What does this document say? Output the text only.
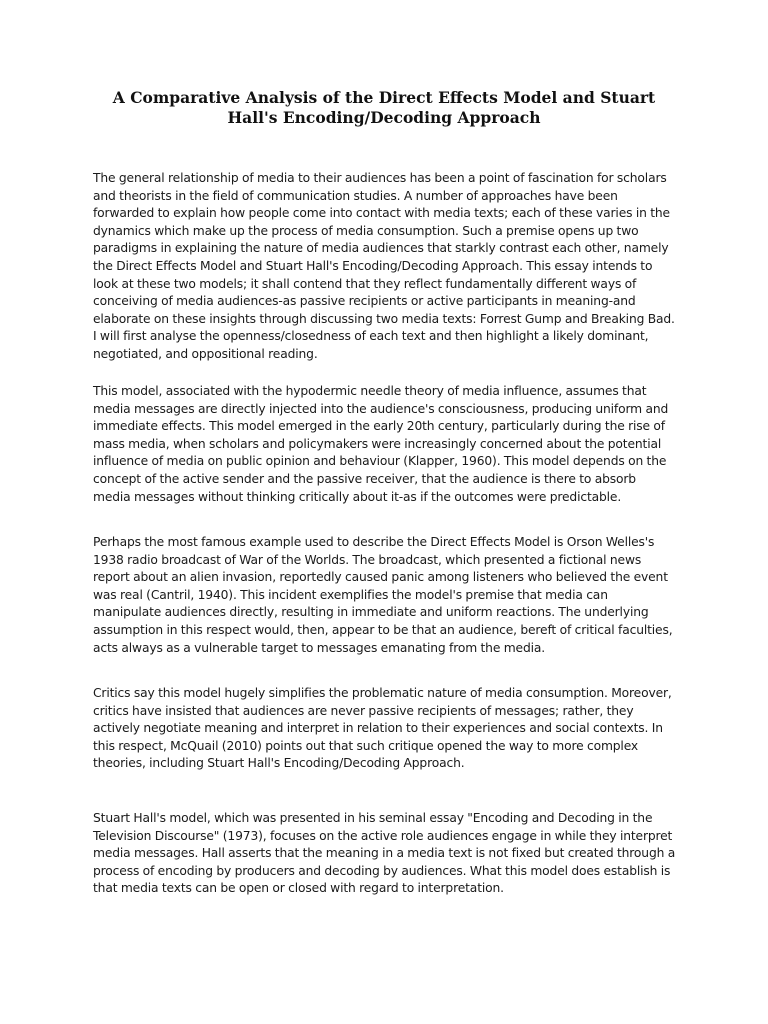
A Comparative Analysis of the Direct Effects Model and Stuart Hall's Encoding/Decoding Approach

The general relationship of media to their audiences has been a point of fascination for scholars and theorists in the field of communication studies. A number of approaches have been forwarded to explain how people come into contact with media texts; each of these varies in the dynamics which make up the process of media consumption. Such a premise opens up two paradigms in explaining the nature of media audiences that starkly contrast each other, namely the Direct Effects Model and Stuart Hall's Encoding/Decoding Approach. This essay intends to look at these two models; it shall contend that they reflect fundamentally different ways of conceiving of media audiences-as passive recipients or active participants in meaning-and elaborate on these insights through discussing two media texts: Forrest Gump and Breaking Bad. I will first analyse the openness/closedness of each text and then highlight a likely dominant, negotiated, and oppositional reading.

This model, associated with the hypodermic needle theory of media influence, assumes that media messages are directly injected into the audience's consciousness, producing uniform and immediate effects. This model emerged in the early 20th century, particularly during the rise of mass media, when scholars and policymakers were increasingly concerned about the potential influence of media on public opinion and behaviour (Klapper, 1960). This model depends on the concept of the active sender and the passive receiver, that the audience is there to absorb media messages without thinking critically about it-as if the outcomes were predictable.

Perhaps the most famous example used to describe the Direct Effects Model is Orson Welles's 1938 radio broadcast of War of the Worlds. The broadcast, which presented a fictional news report about an alien invasion, reportedly caused panic among listeners who believed the event was real (Cantril, 1940). This incident exemplifies the model's premise that media can manipulate audiences directly, resulting in immediate and uniform reactions. The underlying assumption in this respect would, then, appear to be that an audience, bereft of critical faculties, acts always as a vulnerable target to messages emanating from the media.

Critics say this model hugely simplifies the problematic nature of media consumption. Moreover, critics have insisted that audiences are never passive recipients of messages; rather, they actively negotiate meaning and interpret in relation to their experiences and social contexts. In this respect, McQuail (2010) points out that such critique opened the way to more complex theories, including Stuart Hall's Encoding/Decoding Approach.

Stuart Hall's model, which was presented in his seminal essay "Encoding and Decoding in the Television Discourse" (1973), focuses on the active role audiences engage in while they interpret media messages. Hall asserts that the meaning in a media text is not fixed but created through a process of encoding by producers and decoding by audiences. What this model does establish is that media texts can be open or closed with regard to interpretation.
